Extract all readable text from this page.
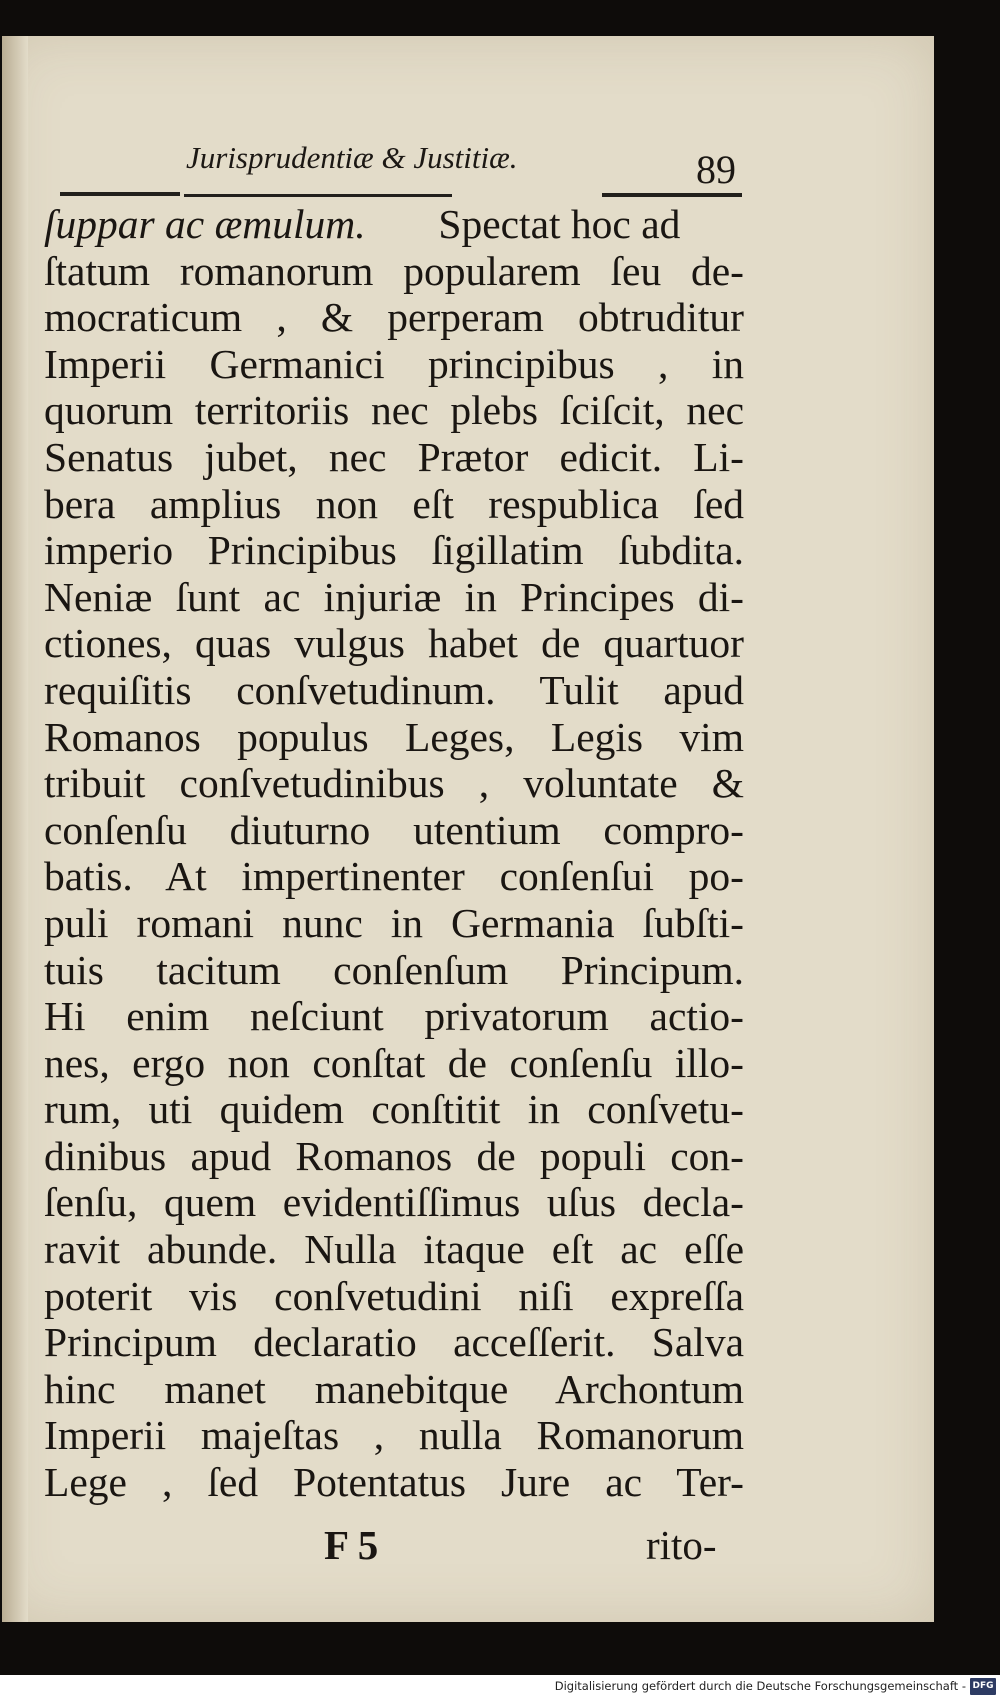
Jurisprudentiæ & Justitiæ.	89
ſuppar ac æmulum. Spectat hoc ad
ſtatum romanorum popularem ſeu de-
mocraticum , & perperam obtruditur
Imperii Germanici principibus , in
quorum territoriis nec plebs ſciſcit, nec
Senatus jubet, nec Prætor edicit. Li-
bera amplius non eſt respublica ſed
imperio Principibus ſigillatim ſubdita.
Neniæ ſunt ac injuriæ in Principes di-
ctiones, quas vulgus habet de quartuor
requiſitis conſvetudinum. Tulit apud
Romanos populus Leges, Legis vim
tribuit conſvetudinibus , voluntate &
conſenſu diuturno utentium compro-
batis. At impertinenter conſenſui po-
puli romani nunc in Germania ſubſti-
tuis tacitum conſenſum Principum.
Hi enim neſciunt privatorum actio-
nes, ergo non conſtat de conſenſu illo-
rum, uti quidem conſtitit in conſvetu-
dinibus apud Romanos de populi con-
ſenſu, quem evidentiſſimus uſus decla-
ravit abunde. Nulla itaque eſt ac eſſe
poterit vis conſvetudini niſi expreſſa
Principum declaratio acceſſerit. Salva
hinc manet manebitque Archontum
Imperii majeſtas , nulla Romanorum
Lege , ſed Potentatus Jure ac Ter-
F 5	rito-
Digitalisierung gefördert durch die Deutsche Forschungsgemeinschaft - DFG
